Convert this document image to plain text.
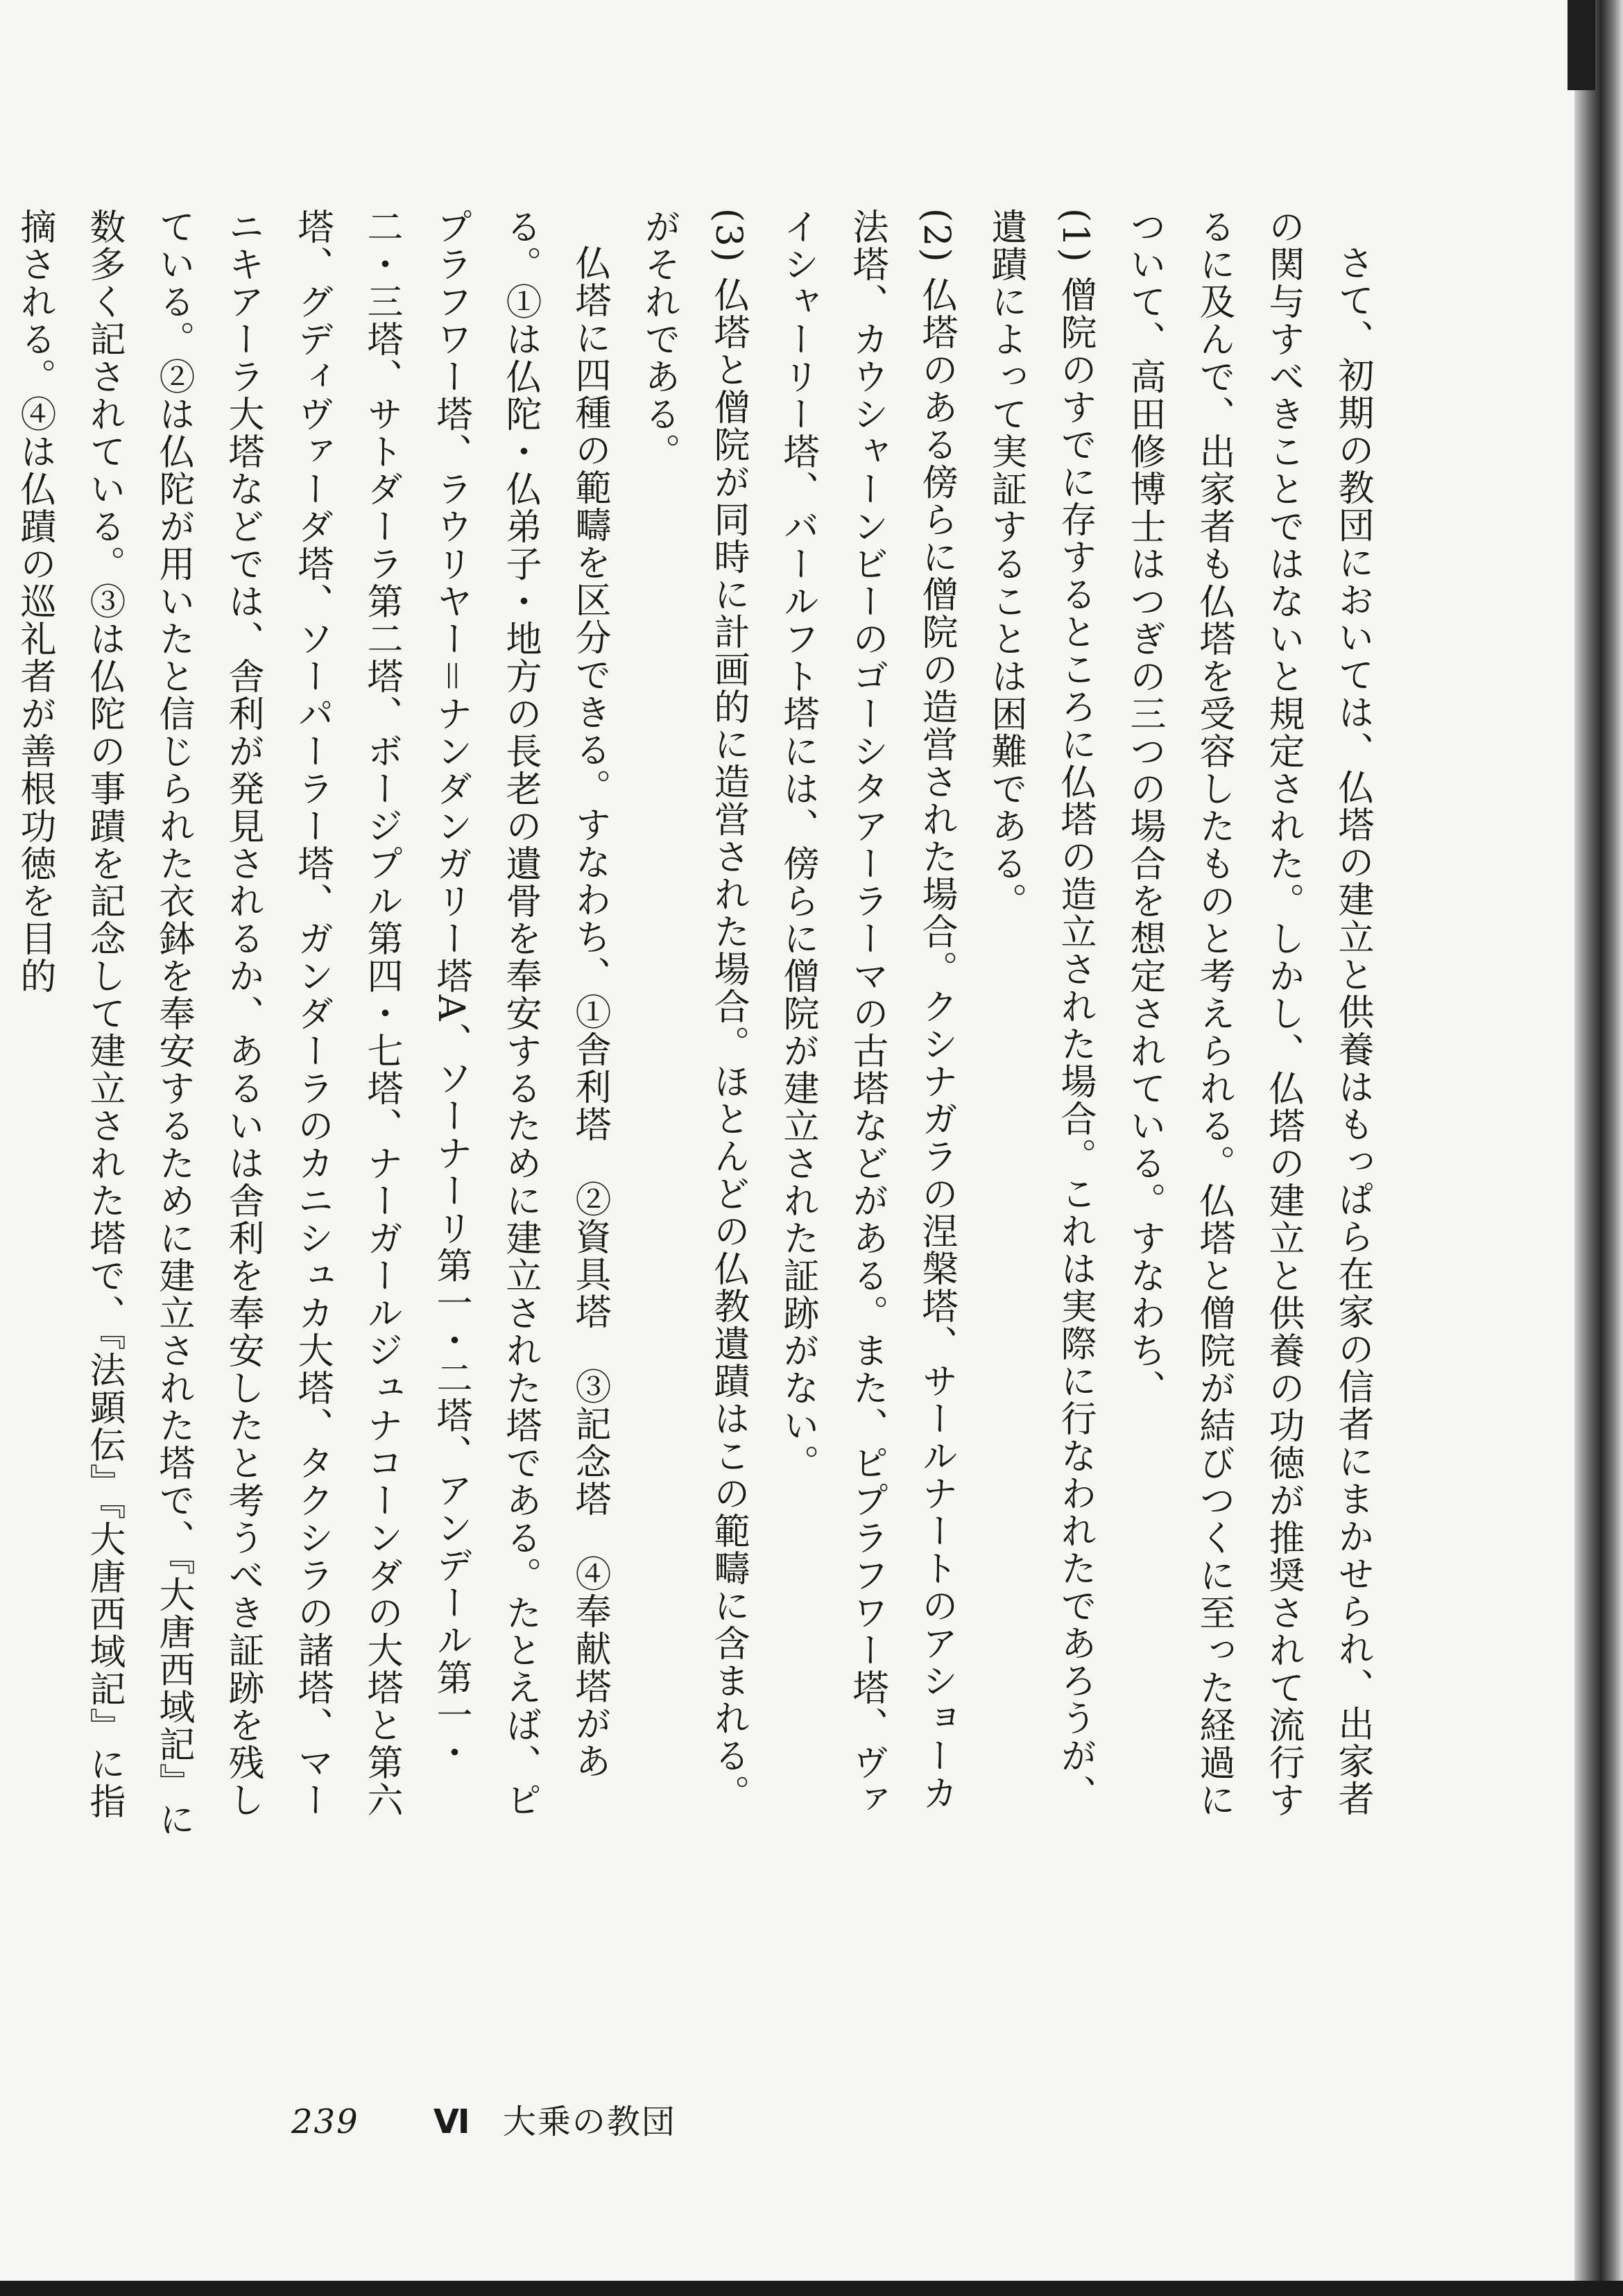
さて、初期の教団においては、仏塔の建立と供養はもっぱら在家の信者にまかせられ、出家者の関与すべきことではないと規定された。しかし、仏塔の建立と供養の功徳が推奨されて流行するに及んで、出家者も仏塔を受容したものと考えられる。仏塔と僧院が結びつくに至った経過について、高田修博士はつぎの三つの場合を想定されている。すなわち、

(1) 僧院のすでに存するところに仏塔の造立された場合。これは実際に行なわれたであろうが、遺蹟によって実証することは困難である。

(2) 仏塔のある傍らに僧院の造営された場合。クシナガラの涅槃塔、サールナートのアショーカ法塔、カウシャーンビーのゴーシタアーラーマの古塔などがある。また、ピプラフワー塔、ヴァイシャーリー塔、バールフト塔には、傍らに僧院が建立された証跡がない。

(3) 仏塔と僧院が同時に計画的に造営された場合。ほとんどの仏教遺蹟はこの範疇に含まれる。

がそれである。

仏塔に四種の範疇を区分できる。すなわち、①舎利塔　②資具塔　③記念塔　④奉献塔がある。①は仏陀・仏弟子・地方の長老の遺骨を奉安するために建立された塔である。たとえば、ピプラフワー塔、ラウリヤー＝ナンダンガリー塔A、ソーナーリ第一・二塔、アンデール第一・二・三塔、サトダーラ第二塔、ボージプル第四・七塔、ナーガールジュナコーンダの大塔と第六塔、グディヴァーダ塔、ソーパーラー塔、ガンダーラのカニシュカ大塔、タクシラの諸塔、マーニキアーラ大塔などでは、舎利が発見されるか、あるいは舎利を奉安したと考うべき証跡を残している。②は仏陀が用いたと信じられた衣鉢を奉安するために建立された塔で、『大唐西域記』に数多く記されている。③は仏陀の事蹟を記念して建立された塔で、『法顕伝』『大唐西域記』に指摘される。④は仏蹟の巡礼者が善根功徳を目的

239 Ⅵ 大乗の教団
